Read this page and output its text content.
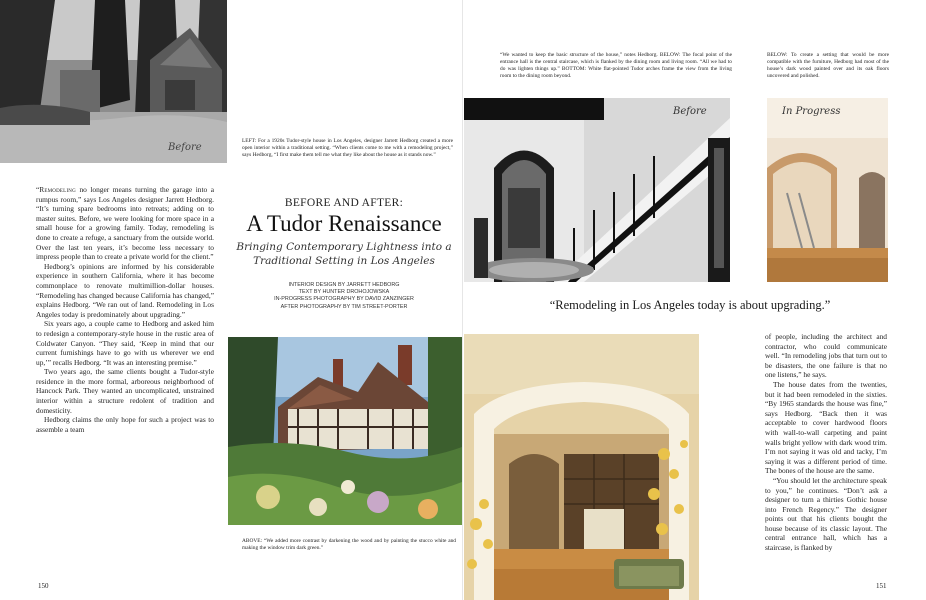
Before
LEFT: For a 1920s Tudor-style house in Los Angeles, designer Jarrett Hedborg created a more open interior within a traditional setting. “When clients come to me with a remodeling project,” says Hedborg, “I first make them tell me what they like about the house as it stands now.”
BEFORE AND AFTER:
A Tudor Renaissance
Bringing Contemporary Lightness into a
Traditional Setting in Los Angeles
INTERIOR DESIGN BY JARRETT HEDBORG
TEXT BY HUNTER DROHOJOWSKA
IN-PROGRESS PHOTOGRAPHY BY DAVID ZANZINGER
AFTER PHOTOGRAPHY BY TIM STREET-PORTER

“Remodeling no longer means turning the garage into a rumpus room,” says Los Angeles designer Jarrett Hedborg. “It’s turning spare bedrooms into retreats; adding on to master suites. Before, we were looking for more space in a small house for a growing family. Today, remodeling is done to create a refuge, a sanctuary from the outside world. Over the last ten years, it’s become less necessary to impress people than to create a private world for the client.”

Hedborg’s opinions are informed by his considerable experience in southern California, where it has become commonplace to renovate multimillion-dollar houses. “Remodeling has changed because California has changed,” explains Hedborg. “We ran out of land. Remodeling in Los Angeles today is predominately about upgrading.”

Six years ago, a couple came to Hedborg and asked him to redesign a contemporary-style house in the rustic area of Coldwater Canyon. “They said, ‘Keep in mind that our current furnishings have to go with us wherever we end up,’” recalls Hedborg. “It was an interesting premise.”

Two years ago, the same clients bought a Tudor-style residence in the more formal, arboreous neighborhood of Hancock Park. They wanted an uncomplicated, unstrained interior within a structure redolent of tradition and domesticity.

Hedborg claims the only hope for such a project was to assemble a team

ABOVE: “We added more contrast by darkening the wood and by painting the stucco white and making the window trim dark green.”
150
“We wanted to keep the basic structure of the house,” notes Hedborg. BELOW: The focal point of the entrance hall is the central staircase, which is flanked by the dining room and living room. “All we had to do was lighten things up.” BOTTOM: White flat-pointed Tudor arches frame the view from the living room to the dining room beyond.
BELOW: To create a setting that would be more compatible with the furniture, Hedborg had most of the house’s dark wood painted over and its oak floors uncovered and polished.
Before	In Progress
“Remodeling in Los Angeles today is about upgrading.”

of people, including the architect and contractor, who could communicate well. “In remodeling jobs that turn out to be disasters, the one failure is that no one listens,” he says.

The house dates from the twenties, but it had been remodeled in the sixties. “By 1965 standards the house was fine,” says Hedborg. “Back then it was acceptable to cover hardwood floors with wall-to-wall carpeting and paint walls bright yellow with dark wood trim. I’m not saying it was old and tacky, I’m saying it was a different period of time. The bones of the house are the same.

“You should let the architecture speak to you,” he continues. “Don’t ask a designer to turn a thirties Gothic house into French Regency.” The designer points out that his clients bought the house because of its classic layout. The central entrance hall, which has a staircase, is flanked by

151
